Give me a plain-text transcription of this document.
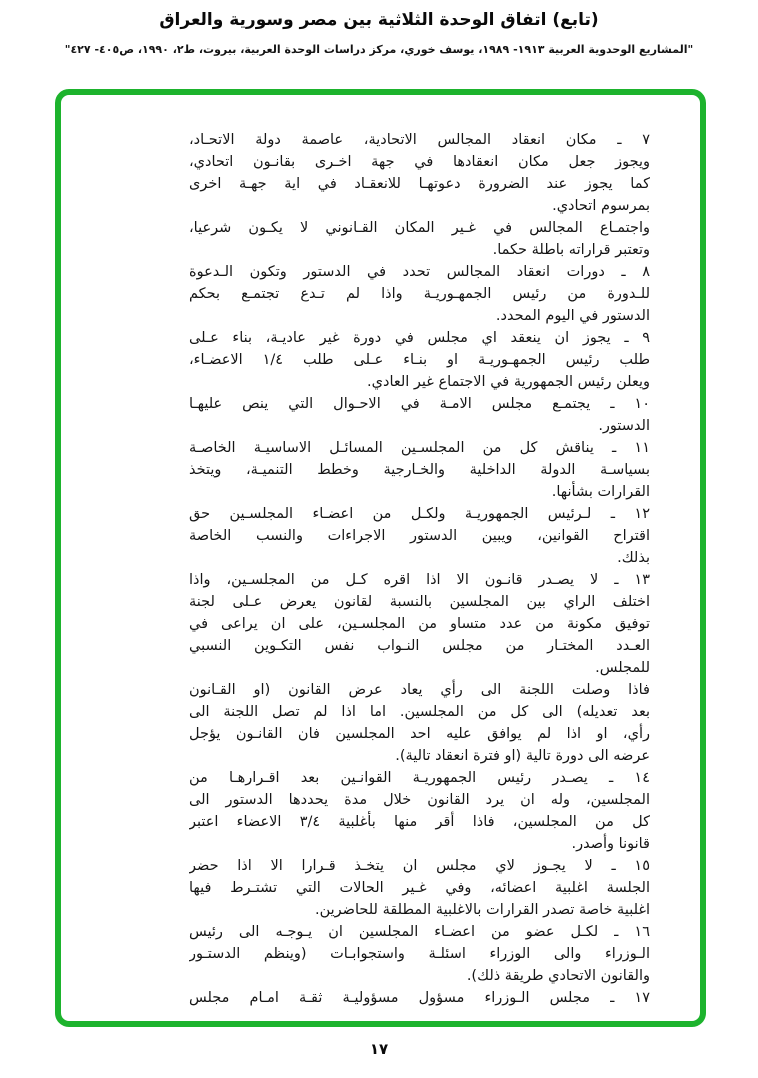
(تابع) اتفاق الوحدة الثلاثية بين مصر وسورية والعراق
"المشاريع الوحدوية العربية ١٩١٣- ١٩٨٩، يوسف خوري، مركز دراسات الوحدة العربية، بيروت، ط٢، ١٩٩٠، ص٤٠٥- ٤٢٧"
٧ ـ مكان انعقاد المجالس الاتحادية، عاصمة دولة الاتحـاد،
ويجوز جعل مكان انعقادها في جهة اخـرى بقانـون اتحادي،
كما يجوز عند الضرورة دعوتهـا للانعقـاد في اية جهـة اخرى
بمرسوم اتحادي.
واجتمـاع المجالس في غـير المكان القـانوني لا يكـون شرعيا،
وتعتبر قراراته باطلة حكما.
٨ ـ دورات انعقاد المجالس تحدد في الدستور وتكون الـدعوة
للـدورة من رئيس الجمهـوريـة واذا لم تـدع تجتمـع بحكم
الدستور في اليوم المحدد.
٩ ـ يجوز ان ينعقد اي مجلس في دورة غير عاديـة، بناء عـلى
طلب رئيس الجمهـوريـة او بنـاء عـلى طلب ١/٤ الاعضـاء،
ويعلن رئيس الجمهورية في الاجتماع غير العادي.
١٠ ـ يجتمـع مجلس الامـة في الاحـوال التي ينص عليهـا
الدستور.
١١ ـ يناقش كل من المجلسـين المسائـل الاساسيـة الخاصـة
بسياسـة الدولة الداخلية والخـارجية وخطط التنميـة، ويتخذ
القرارات بشأنها.
١٢ ـ لـرئيس الجمهوريـة ولكـل من اعضـاء المجلسـين حق
اقتراح القوانين، ويبين الدستور الاجراءات والنسب الخاصة
بذلك.
١٣ ـ لا يصـدر قانـون الا اذا اقره كـل من المجلسـين، واذا
اختلف الراي بين المجلسين بالنسبة لقانون يعرض عـلى لجنة
توفيق مكونة من عدد متساو من المجلسـين، على ان يراعى في
العـدد المختـار من مجلس النـواب نفس التكـوين النسبي
للمجلس.
فاذا وصلت اللجنة الى رأي يعاد عرض القانون (او القـانون
بعد تعديله) الى كل من المجلسين. اما اذا لم تصل اللجنة الى
رأي، او اذا لم يوافق عليه احد المجلسين فان القانـون يؤجل
عرضه الى دورة تالية (او فترة انعقاد تالية).
١٤ ـ يصـدر رئيس الجمهوريـة القوانـين بعد اقـرارهـا من
المجلسين، وله ان يرد القانون خلال مدة يحددها الدستور الى
كل من المجلسين، فاذا أقر منها بأغلبية ٣/٤ الاعضاء اعتبر
قانونا وأصدر.
١٥ ـ لا يجـوز لاي مجلس ان يتخـذ قـرارا الا اذا حضر
الجلسة اغلبية اعضائه، وفي غـير الحالات التي تشتـرط فيها
اغلبية خاصة تصدر القرارات بالاغلبية المطلقة للحاضرين.
١٦ ـ لكـل عضو من اعضـاء المجلسين ان يـوجـه الى رئيس
الـوزراء والى الوزراء اسئلـة واستجوابـات (وينظم الدستـور
والقانون الاتحادي طريقة ذلك).
١٧ ـ مجلس الـوزراء مسؤول مسؤوليـة ثقـة امـام مجلس
١٧
